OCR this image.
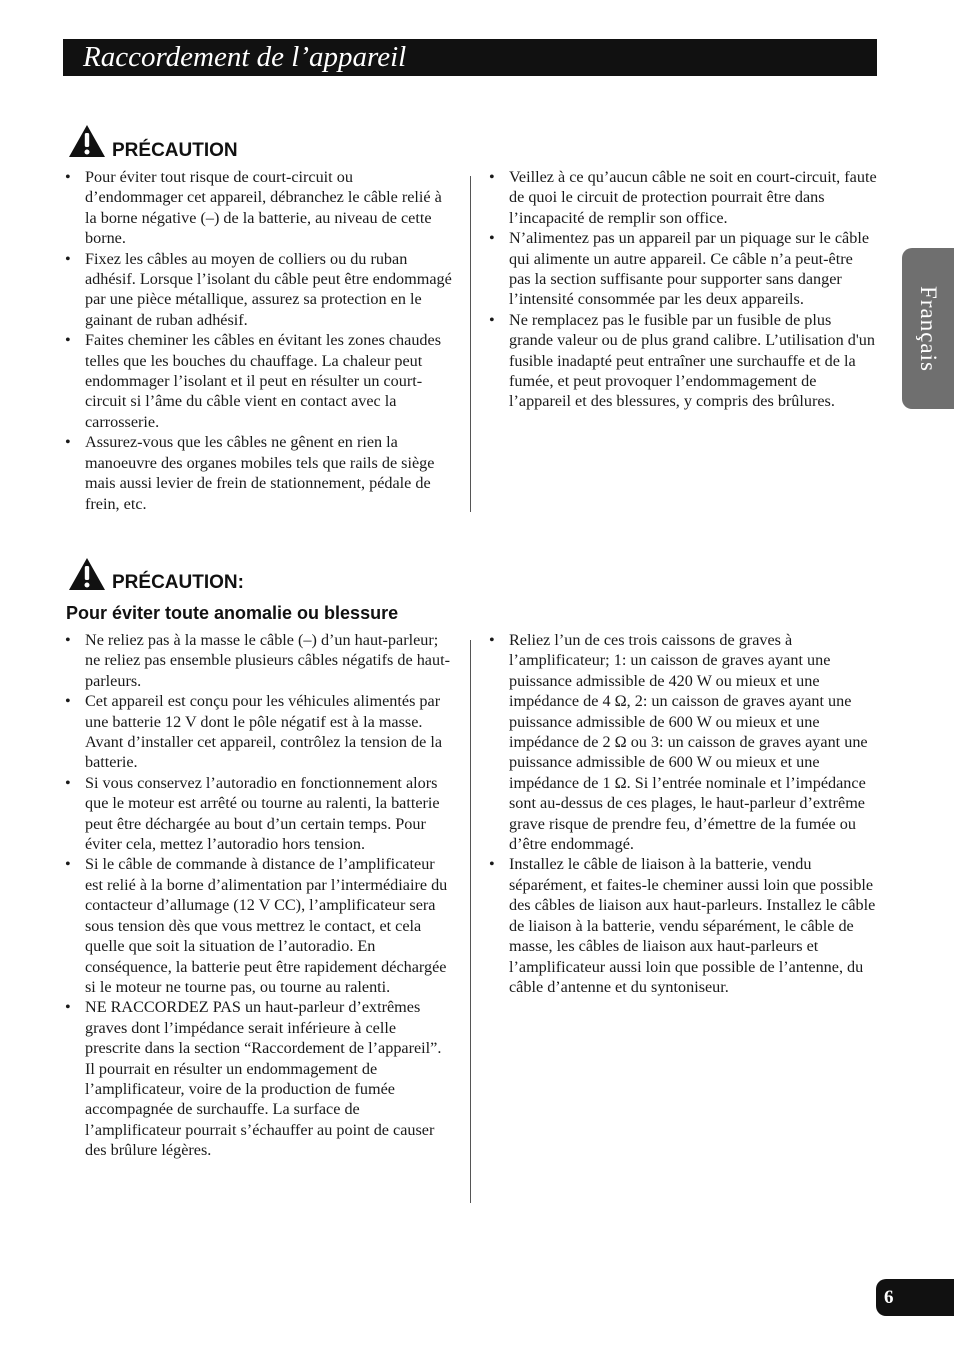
Raccordement de l’appareil
Français
PRÉCAUTION
• Pour éviter tout risque de court-circuit ou d’endommager cet appareil, débranchez le câble relié à la borne négative (–) de la batterie, au niveau de cette borne.
• Fixez les câbles au moyen de colliers ou du ruban adhésif. Lorsque l’isolant du câble peut être endommagé par une pièce métallique, assurez sa protection en le gainant de ruban adhésif.
• Faites cheminer les câbles en évitant les zones chaudes telles que les bouches du chauffage. La chaleur peut endommager l’isolant et il peut en résulter un court-circuit si l’âme du câble vient en contact avec la carrosserie.
• Assurez-vous que les câbles ne gênent en rien la manoeuvre des organes mobiles tels que rails de siège mais aussi levier de frein de stationnement, pédale de frein, etc.
• Veillez à ce qu’aucun câble ne soit en court-circuit, faute de quoi le circuit de protection pourrait être dans l’incapacité de remplir son office.
• N’alimentez pas un appareil par un piquage sur le câble qui alimente un autre appareil. Ce câble n’a peut-être pas la section suffisante pour supporter sans danger l’intensité consommée par les deux appareils.
• Ne remplacez pas le fusible par un fusible de plus grande valeur ou de plus grand calibre. L’utilisation d'un fusible inadapté peut entraîner une surchauffe et de la fumée, et peut provoquer l’endommagement de l’appareil et des blessures, y compris des brûlures.
PRÉCAUTION:
Pour éviter toute anomalie ou blessure
• Ne reliez pas à la masse le câble (–) d’un haut-parleur; ne reliez pas ensemble plusieurs câbles négatifs de haut-parleurs.
• Cet appareil est conçu pour les véhicules alimentés par une batterie 12 V dont le pôle négatif est à la masse. Avant d’installer cet appareil, contrôlez la tension de la batterie.
• Si vous conservez l’autoradio en fonctionnement alors que le moteur est arrêté ou tourne au ralenti, la batterie peut être déchargée au bout d’un certain temps. Pour éviter cela, mettez l’autoradio hors tension.
• Si le câble de commande à distance de l’amplificateur est relié à la borne d’alimentation par l’intermédiaire du contacteur d’allumage (12 V CC), l’amplificateur sera sous tension dès que vous mettrez le contact, et cela quelle que soit la situation de l’autoradio. En conséquence, la batterie peut être rapidement déchargée si le moteur ne tourne pas, ou tourne au ralenti.
• NE RACCORDEZ PAS un haut-parleur d’extrêmes graves dont l’impédance serait inférieure à celle prescrite dans la section “Raccordement de l’appareil”. Il pourrait en résulter un endommagement de l’amplificateur, voire de la production de fumée accompagnée de surchauffe. La surface de l’amplificateur pourrait s’échauffer au point de causer des brûlure légères.
• Reliez l’un de ces trois caissons de graves à l’amplificateur; 1: un caisson de graves ayant une puissance admissible de 420 W ou mieux et une impédance de 4 Ω, 2: un caisson de graves ayant une puissance admissible de 600 W ou mieux et une impédance de 2 Ω ou 3: un caisson de graves ayant une puissance admissible de 600 W ou mieux et une impédance de 1 Ω. Si l’entrée nominale et l’impédance sont au-dessus de ces plages, le haut-parleur d’extrême grave risque de prendre feu, d’émettre de la fumée ou d’être endommagé.
• Installez le câble de liaison à la batterie, vendu séparément, et faites-le cheminer aussi loin que possible des câbles de liaison aux haut-parleurs. Installez le câble de liaison à la batterie, vendu séparément, le câble de masse, les câbles de liaison aux haut-parleurs et l’amplificateur aussi loin que possible de l’antenne, du câble d’antenne et du syntoniseur.
6
